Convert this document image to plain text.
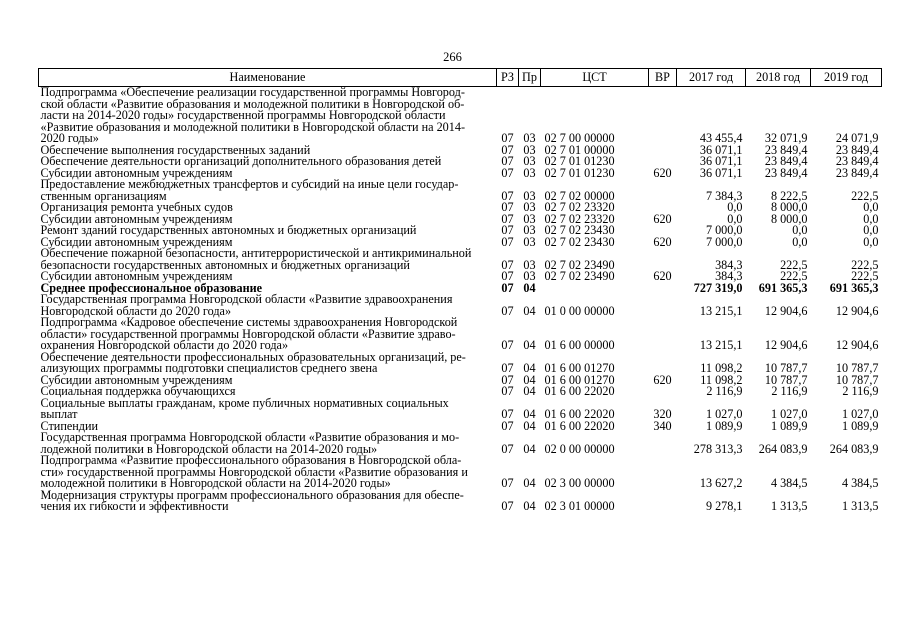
266
Наименование	РЗ	Пр	ЦСТ	ВР	2017 год	2018 год	2019 год
Подпрограмма «Обеспечение реализации государственной программы Новгород-
ской области «Развитие образования и молодежной политики в Новгородской об-
ласти на 2014-2020 годы» государственной программы Новгородской области
«Развитие образования и молодежной политики в Новгородской области на 2014-
2020 годы»	07	03	02 7 00 00000		43 455,4	32 071,9	24 071,9
Обеспечение выполнения государственных заданий	07	03	02 7 01 00000		36 071,1	23 849,4	23 849,4
Обеспечение деятельности организаций дополнительного образования детей	07	03	02 7 01 01230		36 071,1	23 849,4	23 849,4
Субсидии автономным учреждениям	07	03	02 7 01 01230	620	36 071,1	23 849,4	23 849,4
Предоставление межбюджетных трансфертов и субсидий на иные цели государ-
ственным организациям	07	03	02 7 02 00000		7 384,3	8 222,5	222,5
Организация ремонта учебных судов	07	03	02 7 02 23320		0,0	8 000,0	0,0
Субсидии автономным учреждениям	07	03	02 7 02 23320	620	0,0	8 000,0	0,0
Ремонт зданий государственных автономных и бюджетных организаций	07	03	02 7 02 23430		7 000,0	0,0	0,0
Субсидии автономным учреждениям	07	03	02 7 02 23430	620	7 000,0	0,0	0,0
Обеспечение пожарной безопасности, антитеррористической и антикриминальной
безопасности государственных автономных и бюджетных организаций	07	03	02 7 02 23490		384,3	222,5	222,5
Субсидии автономным учреждениям	07	03	02 7 02 23490	620	384,3	222,5	222,5
Среднее профессиональное образование	07	04			727 319,0	691 365,3	691 365,3
Государственная программа Новгородской области «Развитие здравоохранения
Новгородской области до 2020 года»	07	04	01 0 00 00000		13 215,1	12 904,6	12 904,6
Подпрограмма «Кадровое обеспечение системы здравоохранения Новгородской
области» государственной программы Новгородской области «Развитие здраво-
охранения Новгородской области до 2020 года»	07	04	01 6 00 00000		13 215,1	12 904,6	12 904,6
Обеспечение деятельности профессиональных образовательных организаций, ре-
ализующих программы подготовки специалистов среднего звена	07	04	01 6 00 01270		11 098,2	10 787,7	10 787,7
Субсидии автономным учреждениям	07	04	01 6 00 01270	620	11 098,2	10 787,7	10 787,7
Социальная поддержка обучающихся	07	04	01 6 00 22020		2 116,9	2 116,9	2 116,9
Социальные выплаты гражданам, кроме публичных нормативных социальных
выплат	07	04	01 6 00 22020	320	1 027,0	1 027,0	1 027,0
Стипендии	07	04	01 6 00 22020	340	1 089,9	1 089,9	1 089,9
Государственная программа Новгородской области «Развитие образования и мо-
лодежной политики в Новгородской области на 2014-2020 годы»	07	04	02 0 00 00000		278 313,3	264 083,9	264 083,9
Подпрограмма «Развитие профессионального образования в Новгородской обла-
сти» государственной программы Новгородской области «Развитие образования и
молодежной политики в Новгородской области на 2014-2020 годы»	07	04	02 3 00 00000		13 627,2	4 384,5	4 384,5
Модернизация структуры программ профессионального образования для обеспе-
чения их гибкости и эффективности	07	04	02 3 01 00000		9 278,1	1 313,5	1 313,5
